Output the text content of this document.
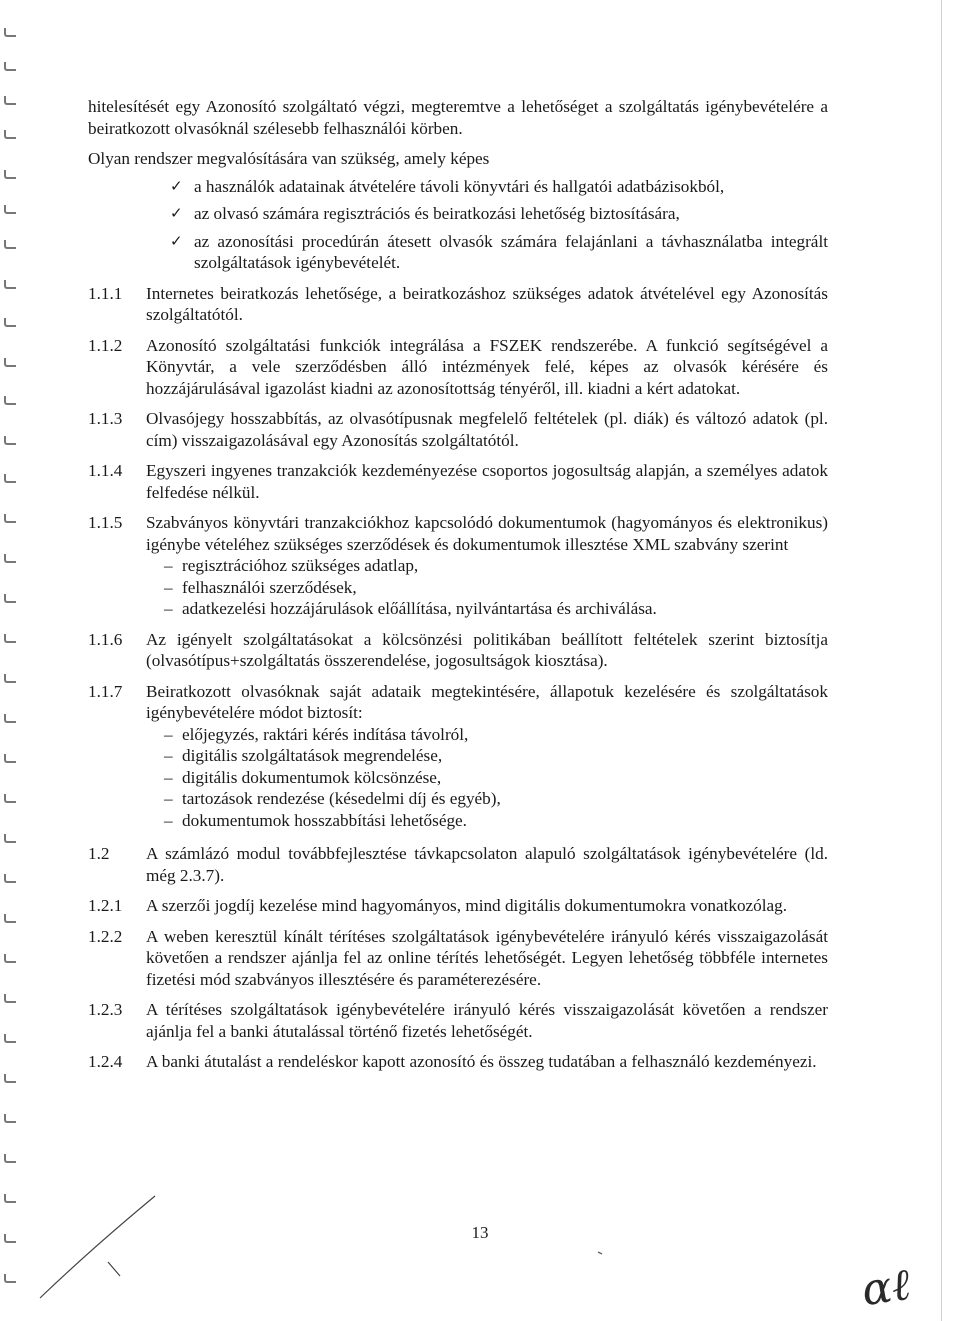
hitelesítését egy Azonosító szolgáltató végzi, megteremtve a lehetőséget a szolgáltatás igénybevételére a beiratkozott olvasóknál szélesebb felhasználói körben.
Olyan rendszer megvalósítására van szükség, amely képes
✓ a használók adatainak átvételére távoli könyvtári és hallgatói adatbázisokból,
✓ az olvasó számára regisztrációs és beiratkozási lehetőség biztosítására,
✓ az azonosítási procedúrán átesett olvasók számára felajánlani a távhasználatba integrált szolgáltatások igénybevételét.
1.1.1	Internetes beiratkozás lehetősége, a beiratkozáshoz szükséges adatok átvételével egy Azonosítás szolgáltatótól.
1.1.2	Azonosító szolgáltatási funkciók integrálása a FSZEK rendszerébe. A funkció segítségével a Könyvtár, a vele szerződésben álló intézmények felé, képes az olvasók kérésére és hozzájárulásával igazolást kiadni az azonosítottság tényéről, ill. kiadni a kért adatokat.
1.1.3	Olvasójegy hosszabbítás, az olvasótípusnak megfelelő feltételek (pl. diák) és változó adatok (pl. cím) visszaigazolásával egy Azonosítás szolgáltatótól.
1.1.4	Egyszeri ingyenes tranzakciók kezdeményezése csoportos jogosultság alapján, a személyes adatok felfedése nélkül.
1.1.5	Szabványos könyvtári tranzakciókhoz kapcsolódó dokumentumok (hagyományos és elektronikus) igénybe vételéhez szükséges szerződések és dokumentumok illesztése XML szabvány szerint
– regisztrációhoz szükséges adatlap,
– felhasználói szerződések,
– adatkezelési hozzájárulások előállítása, nyilvántartása és archiválása.
1.1.6	Az igényelt szolgáltatásokat a kölcsönzési politikában beállított feltételek szerint biztosítja (olvasótípus+szolgáltatás összerendelése, jogosultságok kiosztása).
1.1.7	Beiratkozott olvasóknak saját adataik megtekintésére, állapotuk kezelésére és szolgáltatások igénybevételére módot biztosít:
– előjegyzés, raktári kérés indítása távolról,
– digitális szolgáltatások megrendelése,
– digitális dokumentumok kölcsönzése,
– tartozások rendezése (késedelmi díj és egyéb),
– dokumentumok hosszabbítási lehetősége.
1.2	A számlázó modul továbbfejlesztése távkapcsolaton alapuló szolgáltatások igénybevételére (ld. még 2.3.7).
1.2.1	A szerzői jogdíj kezelése mind hagyományos, mind digitális dokumentumokra vonatkozólag.
1.2.2	A weben keresztül kínált térítéses szolgáltatások igénybevételére irányuló kérés visszaigazolását követően a rendszer ajánlja fel az online térítés lehetőségét. Legyen lehetőség többféle internetes fizetési mód szabványos illesztésére és paraméterezésére.
1.2.3	A térítéses szolgáltatások igénybevételére irányuló kérés visszaigazolását követően a rendszer ajánlja fel a banki átutalással történő fizetés lehetőségét.
1.2.4	A banki átutalást a rendeléskor kapott azonosító és összeg tudatában a felhasználó kezdeményezi.
13
ɑℓ
